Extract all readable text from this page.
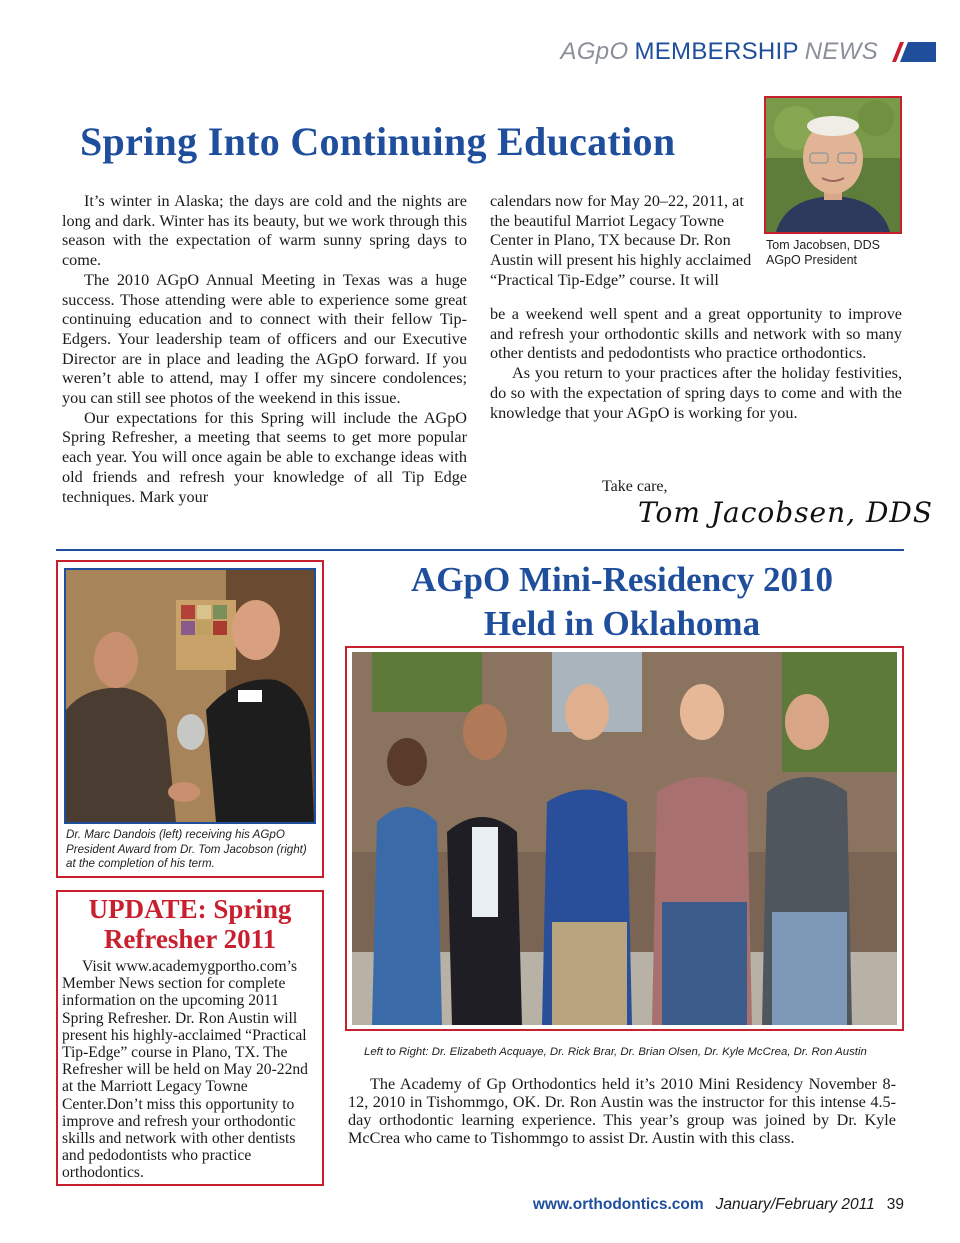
AGpO MEMBERSHIP NEWS
Spring Into Continuing Education

It’s winter in Alaska; the days are cold and the nights are long and dark. Winter has its beauty, but we work through this season with the expectation of warm sunny spring days to come.

The 2010 AGpO Annual Meeting in Texas was a huge success. Those attending were able to experience some great continuing education and to connect with their fellow Tip-Edgers. Your leadership team of officers and our Executive Director are in place and leading the AGpO forward. If you weren’t able to attend, may I offer my sincere condolences; you can still see photos of the weekend in this issue.

Our expectations for this Spring will include the AGpO Spring Refresher, a meeting that seems to get more popular each year. You will once again be able to exchange ideas with old friends and refresh your knowledge of all Tip Edge techniques. Mark your

calendars now for May 20–22, 2011, at the beautiful Marriot Legacy Towne Center in Plano, TX because Dr. Ron Austin will present his highly acclaimed “Practical Tip-Edge” course. It will

be a weekend well spent and a great opportunity to improve and refresh your orthodontic skills and network with so many other dentists and pedodontists who practice orthodontics.

As you return to your practices after the holiday festivities, do so with the expectation of spring days to come and with the knowledge that your AGpO is working for you.

Tom Jacobsen, DDS
AGpO President
Take care,
Tom Jacobsen, DDS
Dr. Marc Dandois (left) receiving his AGpO President Award from Dr. Tom Jacobson (right) at the completion of his term.
UPDATE: Spring
Refresher 2011

Visit www.academygportho.com’s Member News section for complete information on the upcoming 2011 Spring Refresher. Dr. Ron Austin will present his highly-acclaimed “Practical Tip-Edge” course in Plano, TX. The Refresher will be held on May 20-22nd at the Marriott Legacy Towne Center.Don’t miss this opportunity to improve and refresh your orthodontic skills and network with other dentists and pedodontists who practice orthodontics.

AGpO Mini-Residency 2010
Held in Oklahoma
Left to Right: Dr. Elizabeth Acquaye, Dr. Rick Brar, Dr. Brian Olsen, Dr. Kyle McCrea, Dr. Ron Austin

The Academy of Gp Orthodontics held it’s 2010 Mini Residency November 8-12, 2010 in Tishommgo, OK. Dr. Ron Austin was the instructor for this intense 4.5-day orthodontic learning experience. This year’s group was joined by Dr. Kyle McCrea who came to Tishommgo to assist Dr. Austin with this class.

www.orthodontics.com January/February 2011 39
